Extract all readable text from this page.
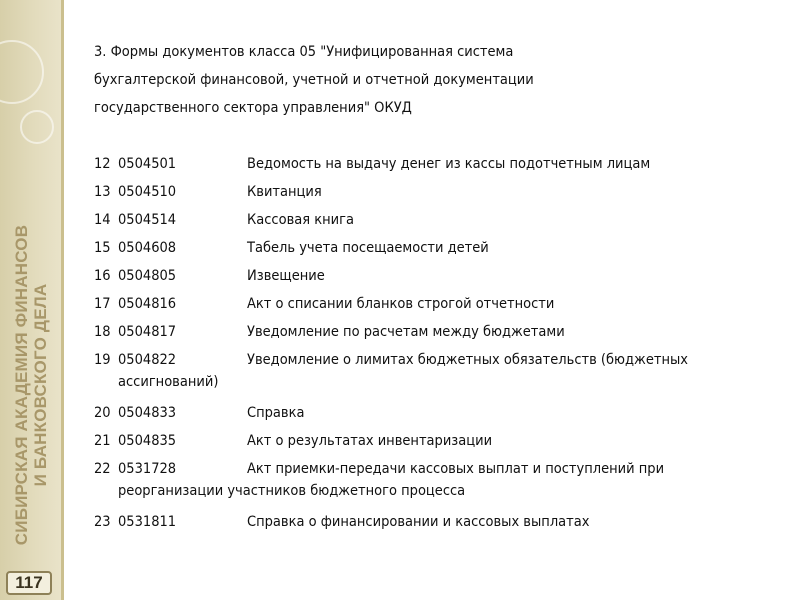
СИБИРСКАЯ АКАДЕМИЯ ФИНАНСОВ И БАНКОВСКОГО ДЕЛА
117
3. Формы документов класса 05 "Унифицированная система
бухгалтерской финансовой, учетной и отчетной документации
государственного сектора управления" ОКУД
12 0504501	Ведомость на выдачу денег из кассы подотчетным лицам
13 0504510	Квитанция
14 0504514	Кассовая книга
15 0504608	Табель учета посещаемости детей
16 0504805	Извещение
17 0504816	Акт о списании бланков строгой отчетности
18 0504817	Уведомление по расчетам между бюджетами
19 0504822	Уведомление о лимитах бюджетных обязательств (бюджетных
ассигнований)
20 0504833	Справка
21 0504835	Акт о результатах инвентаризации
22 0531728	Акт приемки-передачи кассовых выплат и поступлений при
реорганизации участников бюджетного процесса
23 0531811	Справка о финансировании и кассовых выплатах
